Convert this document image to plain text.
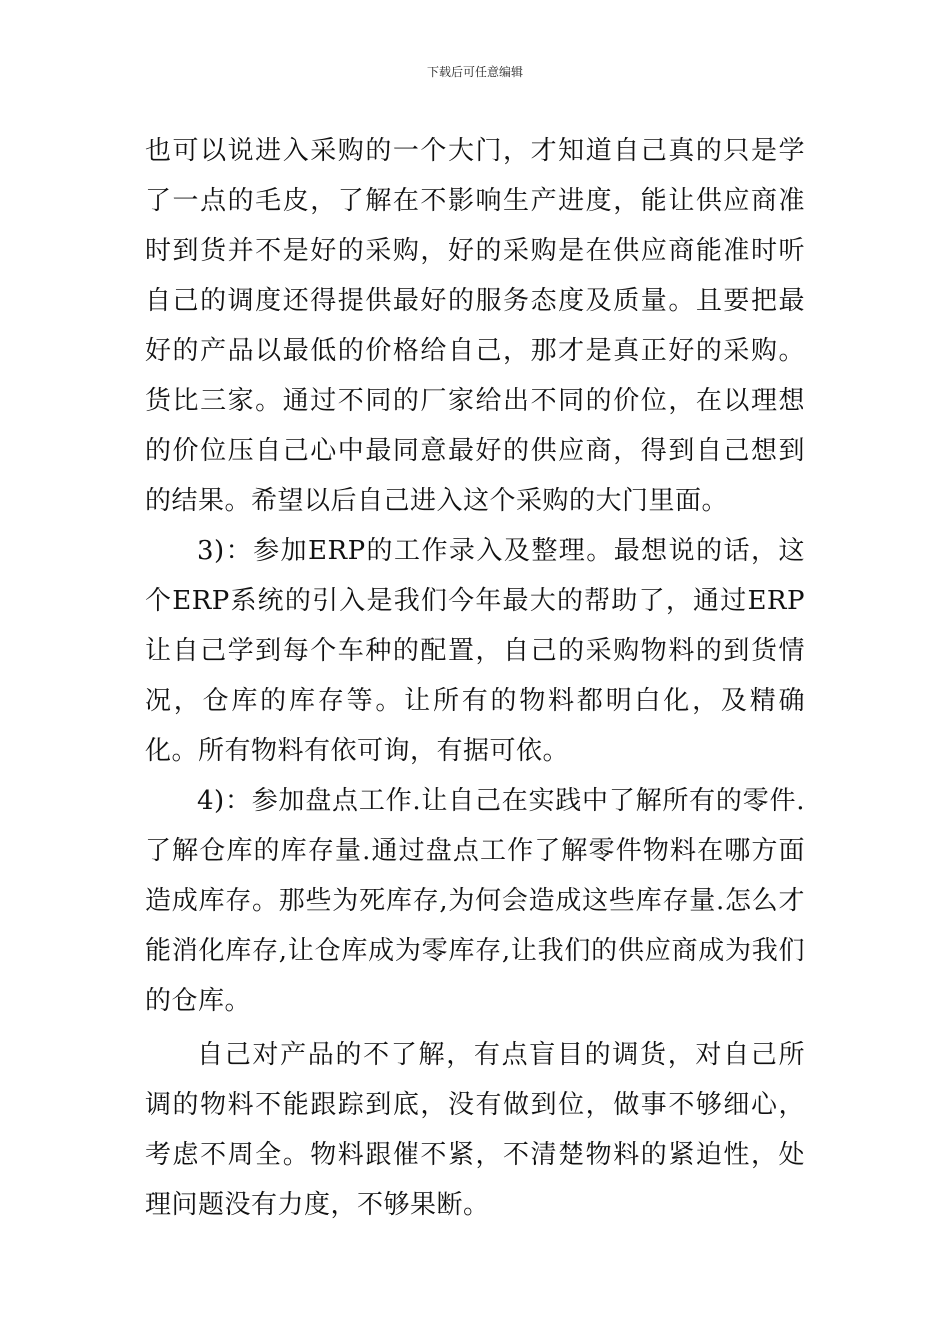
下载后可任意编辑

也可以说进入采购的一个大门，才知道自己真的只是学了一点的毛皮，了解在不影响生产进度，能让供应商准时到货并不是好的采购，好的采购是在供应商能准时听自己的调度还得提供最好的服务态度及质量。且要把最好的产品以最低的价格给自己，那才是真正好的采购。货比三家。通过不同的厂家给出不同的价位，在以理想的价位压自己心中最同意最好的供应商，得到自己想到的结果。希望以后自己进入这个采购的大门里面。

3)：参加ERP的工作录入及整理。最想说的话，这个ERP系统的引入是我们今年最大的帮助了，通过ERP让自己学到每个车种的配置，自己的采购物料的到货情况，仓库的库存等。让所有的物料都明白化，及精确化。所有物料有依可询，有据可依。

4)：参加盘点工作.让自己在实践中了解所有的零件.了解仓库的库存量.通过盘点工作了解零件物料在哪方面造成库存。那些为死库存,为何会造成这些库存量.怎么才能消化库存,让仓库成为零库存,让我们的供应商成为我们的仓库。

自己对产品的不了解，有点盲目的调货，对自己所调的物料不能跟踪到底，没有做到位，做事不够细心，考虑不周全。物料跟催不紧，不清楚物料的紧迫性，处理问题没有力度，不够果断。
